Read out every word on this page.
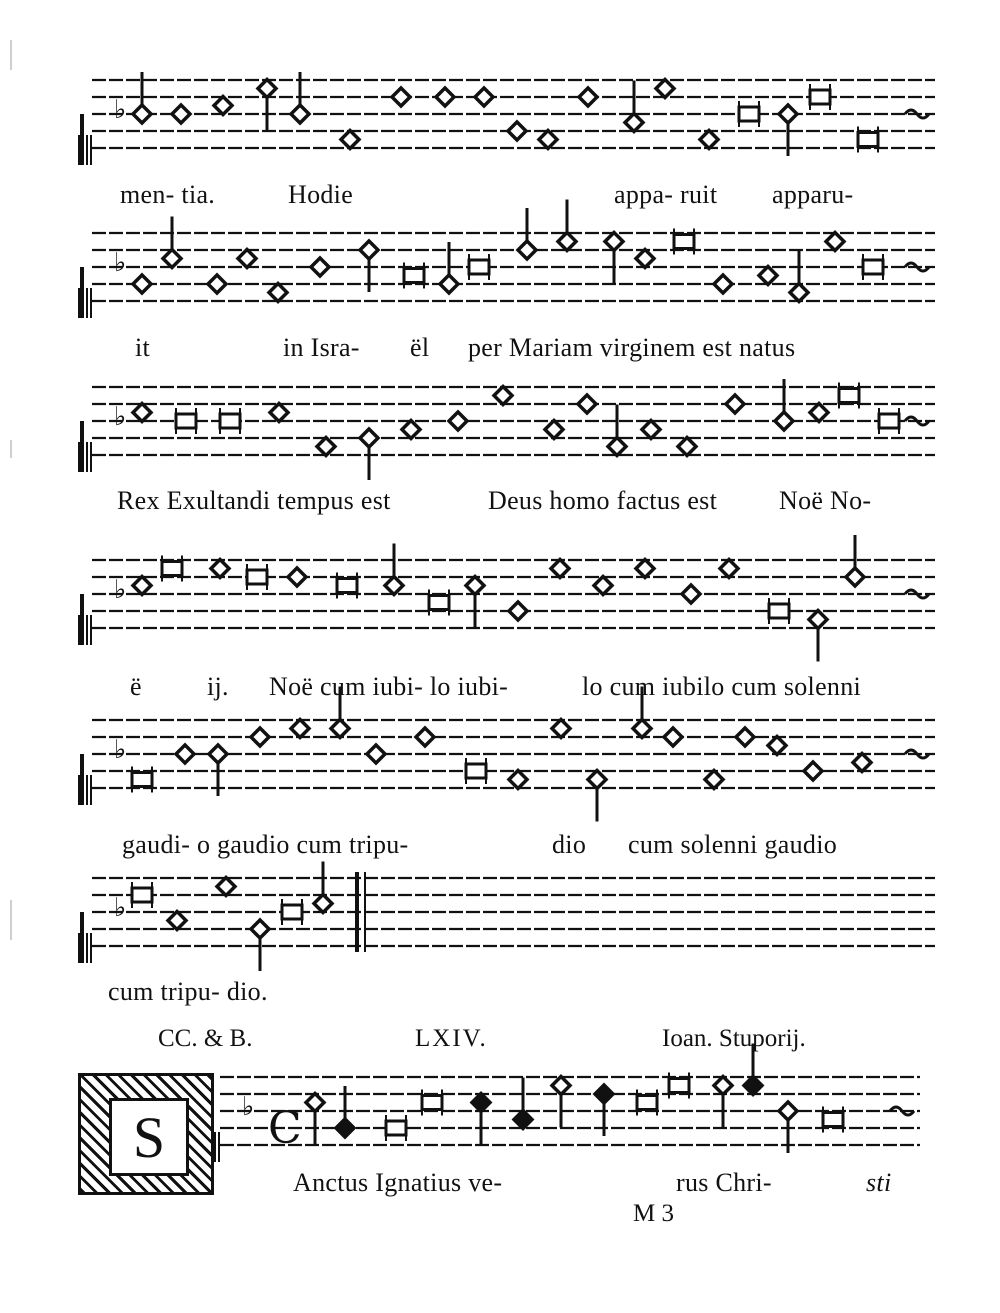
♭
♭
♭
♭
♭
♭
♭ C
men- tia.	Hodie	appa- ruit apparu-
it	in Isra- ël per Mariam virginem est natus
Rex Exultandi tempus est	Deus homo factus est Noë No-
ë	ij. Noë cum iubi- lo iubi-	lo cum iubilo cum solenni
gaudi- o gaudio cum tripu-	dio cum solenni gaudio
cum tripu- dio.
CC. & B.	LXIV.	Ioan. Stuporij.
S
Anctus Ignatius ve-	rus Chri-	sti
M 3
